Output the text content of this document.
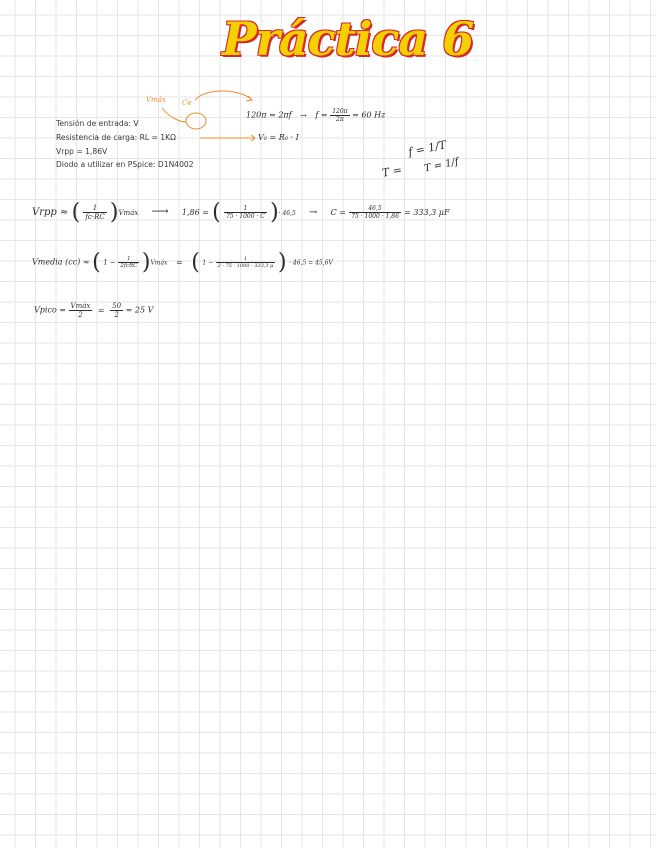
Práctica 6
Vmáx Ce
Tensión de entrada: V
Resistencia de carga: RL = 1KΩ
Vrpp = 1,86V
Diodo a utilizar en PSpice: D1N4002
$120\pi = 2\pi f \to f = \frac{120\pi}{2\pi} = 60$ Hz
V₀ = R₀ · I
f = 1/T
T = 1/f
T =
Vrpp ≈ ( $\frac{1}{fc\cdot RC}$ )Vmáx ⟶ 1,86 = ( $\frac{1}{75 \cdot 1000 \cdot C}$ )· $46,5 \to C = \frac{46,5}{75 \cdot 1000 \cdot 1,86} = 333,3$ μF
Vmedia (cc) ≈ ( $1 - \frac{1}{\text{2fcRC}}$ )Vmáx = ( $1 - \frac{1}{2 \cdot 75 \cdot 1000 \cdot 333,3 \mu}$ ) · 46,5 = 45,6V
Vpico = $\frac{\text{Vmáx}}{2} = \frac{50}{2} = 25$ V
